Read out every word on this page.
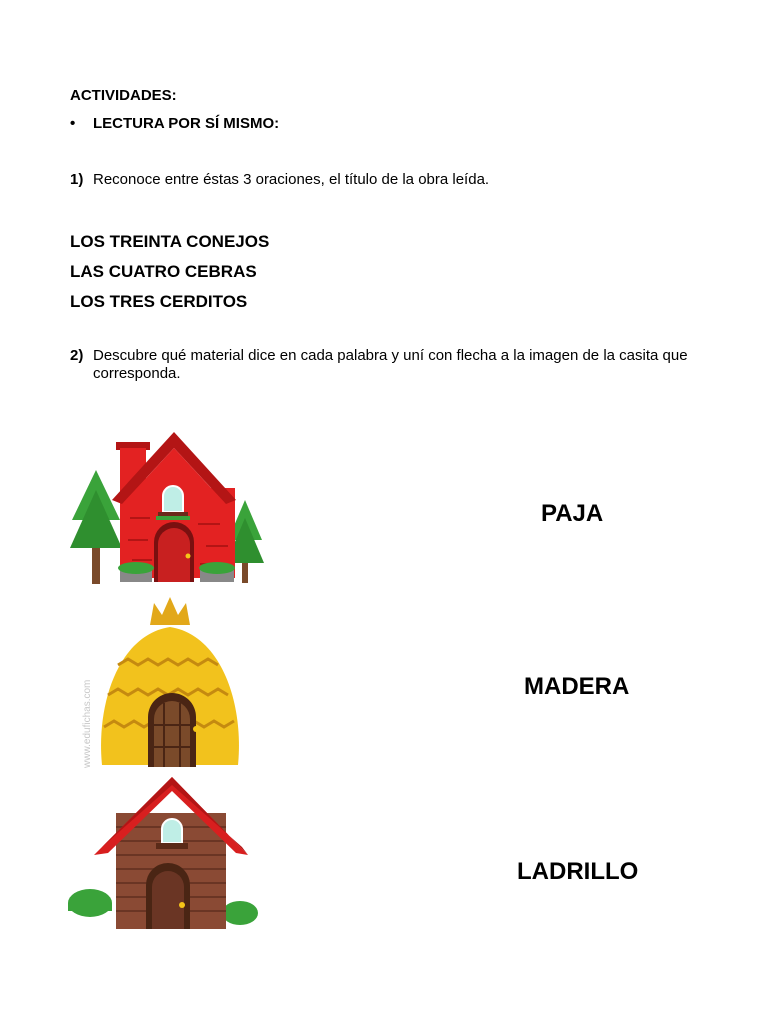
ACTIVIDADES:
•	LECTURA POR SÍ MISMO:
1) Reconoce entre éstas 3 oraciones, el título de la obra leída.
LOS TREINTA CONEJOS
LAS CUATRO CEBRAS
LOS TRES CERDITOS
2) Descubre qué material dice en cada palabra y uní con flecha a la imagen de la casita que corresponda.
www.edufichas.com
PAJA
MADERA
LADRILLO
